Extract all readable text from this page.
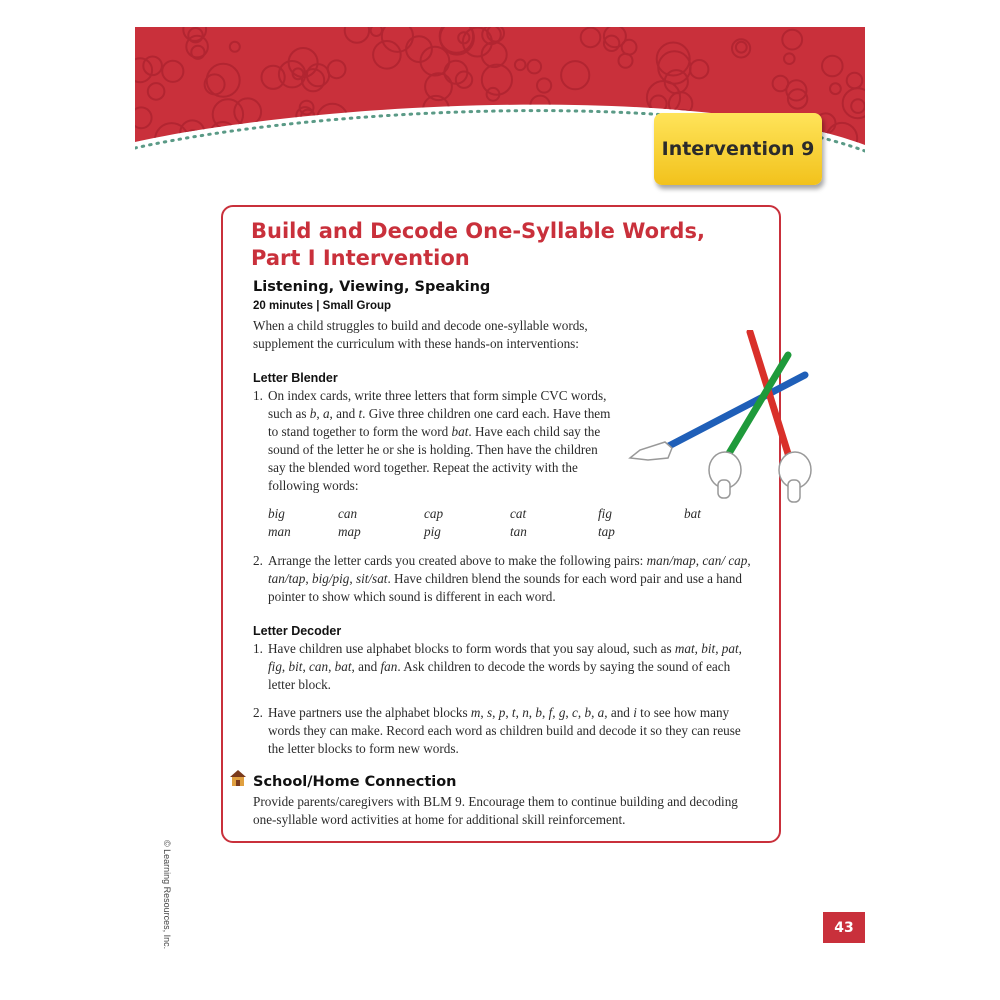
Intervention 9
Build and Decode One-Syllable Words,
Part I Intervention
Listening, Viewing, Speaking
20 minutes | Small Group
When a child struggles to build and decode one-syllable words, supplement the curriculum with these hands-on interventions:
Letter Blender
1. On index cards, write three letters that form simple CVC words, such as b, a, and t. Give three children one card each. Have them to stand together to form the word bat. Have each child say the sound of the letter he or she is holding. Then have the children say the blended word together. Repeat the activity with the following words:
big	can	cap	cat	fig	bat
man	map	pig	tan	tap
2. Arrange the letter cards you created above to make the following pairs: man/map, can/ cap, tan/tap, big/pig, sit/sat. Have children blend the sounds for each word pair and use a hand pointer to show which sound is different in each word.
Letter Decoder
1. Have children use alphabet blocks to form words that you say aloud, such as mat, bit, pat, fig, bit, can, bat, and fan. Ask children to decode the words by saying the sound of each letter block.
2. Have partners use the alphabet blocks m, s, p, t, n, b, f, g, c, b, a, and i to see how many words they can make. Record each word as children build and decode it so they can reuse the letter blocks to form new words.
School/Home Connection
Provide parents/caregivers with BLM 9. Encourage them to continue building and decoding one-syllable word activities at home for additional skill reinforcement.
© Learning Resources, Inc.	43
